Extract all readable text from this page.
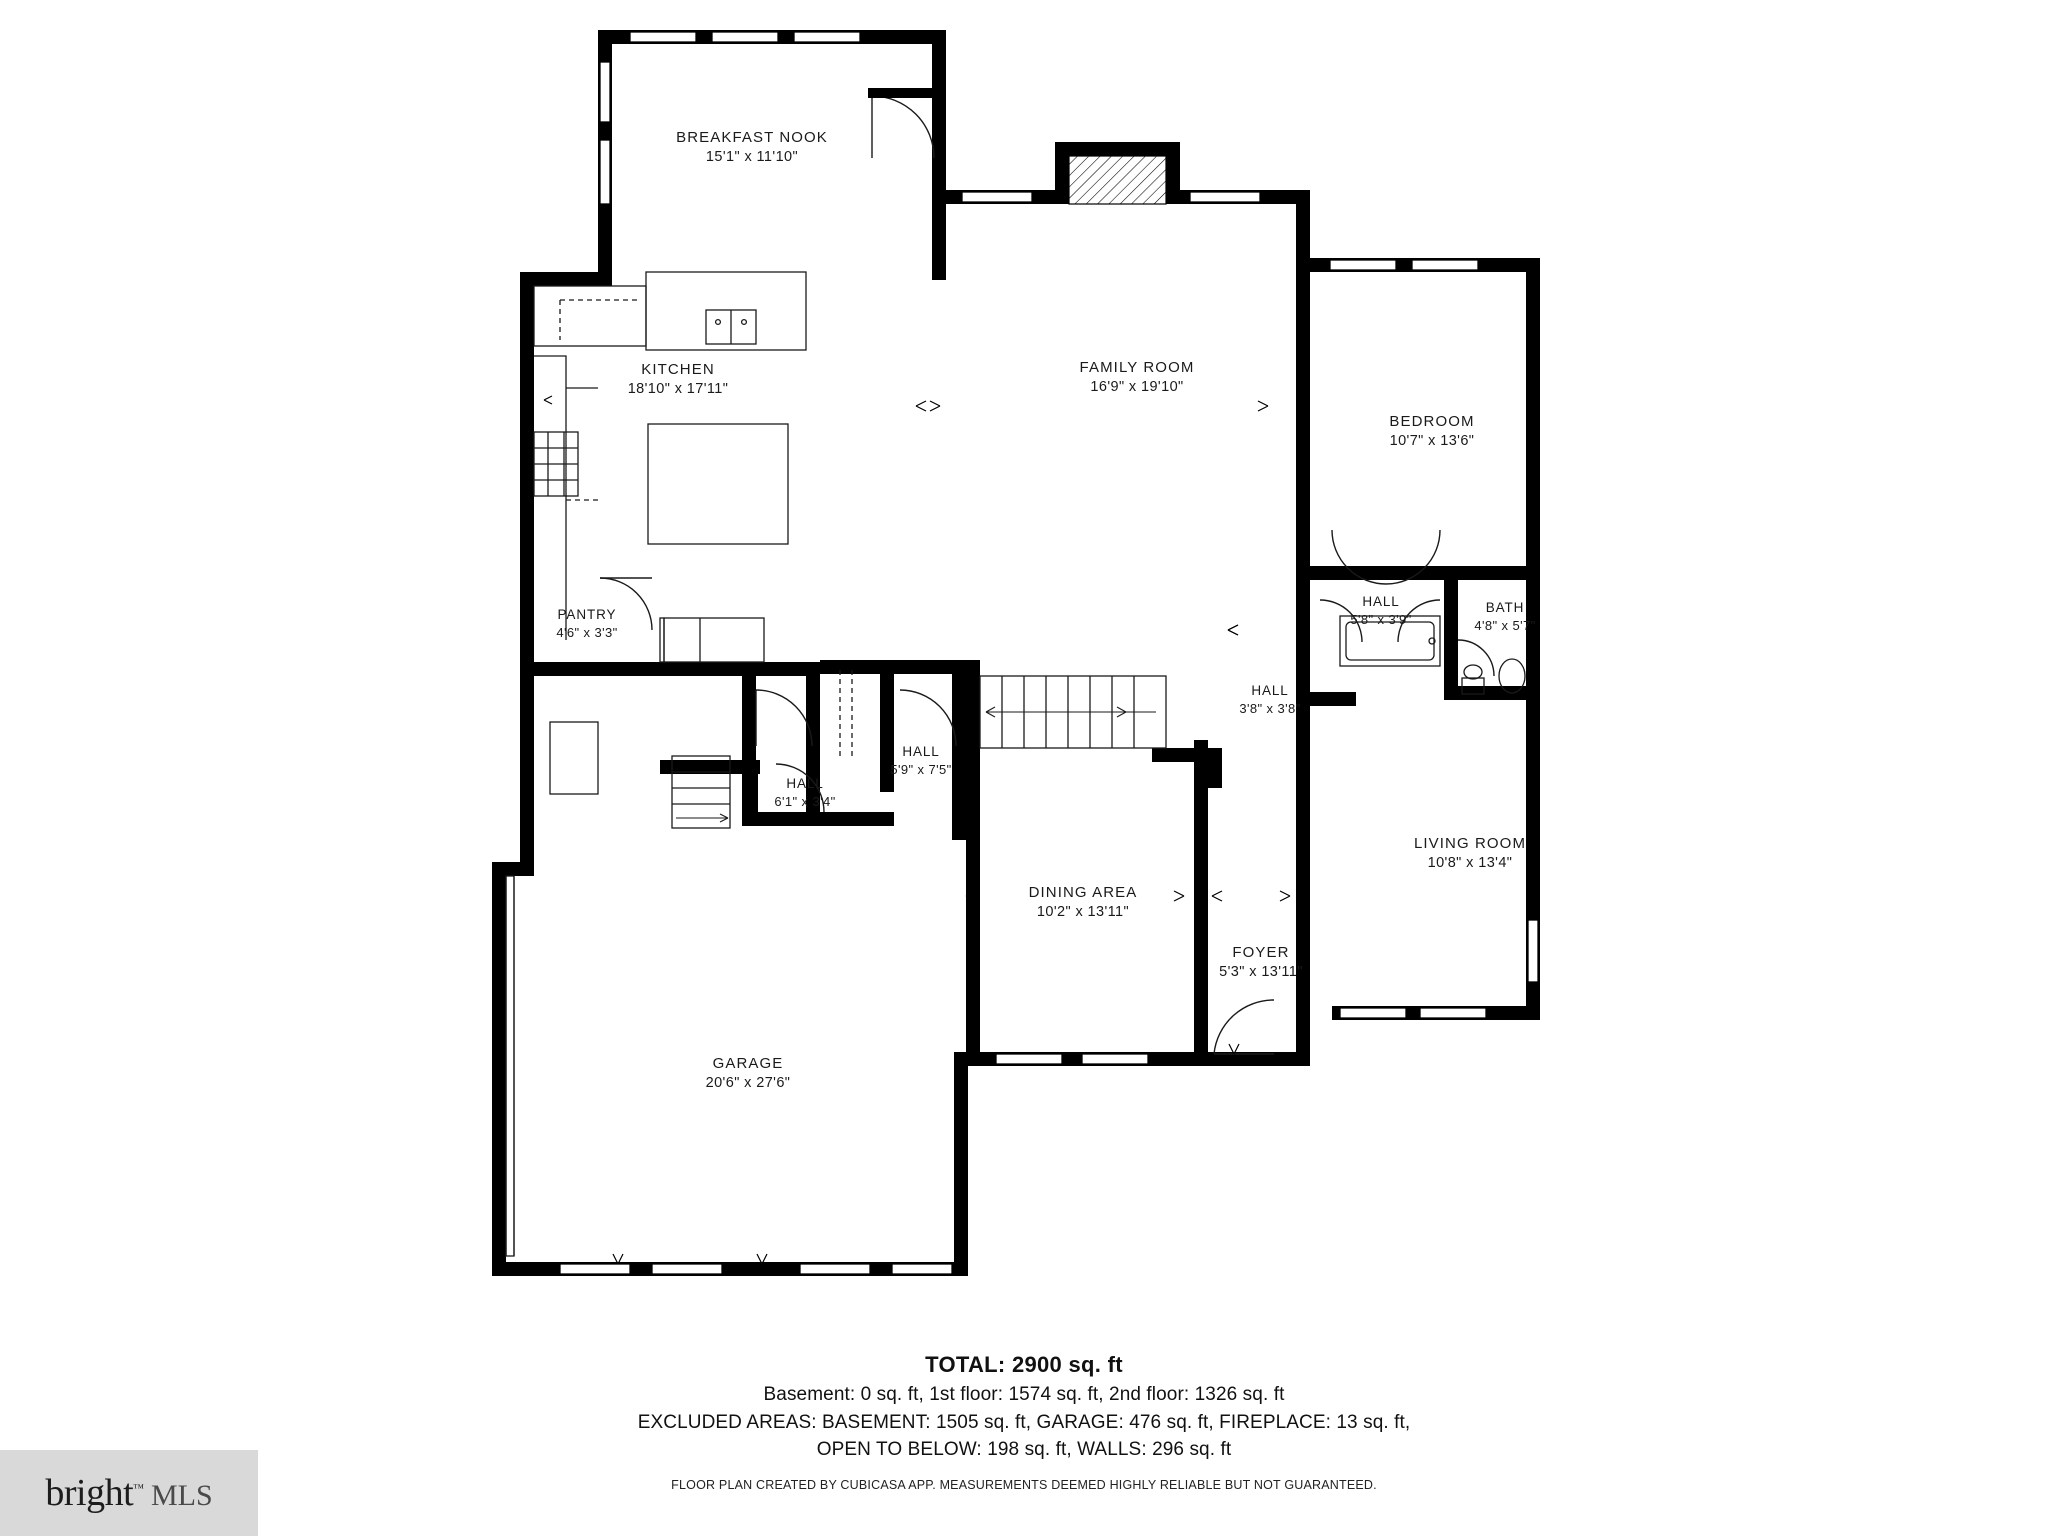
BREAKFAST NOOK
15'1" x 11'10"
KITCHEN
18'10" x 17'11"
FAMILY ROOM
16'9" x 19'10"
BEDROOM
10'7" x 13'6"
PANTRY
4'6" x 3'3"
HALL
5'8" x 3'9"
BATH
4'8" x 5'7"
HALL
3'8" x 3'8"
HALL
5'9" x 7'5"
HALL
6'1" x 3'4"
LIVING ROOM
10'8" x 13'4"
DINING AREA
10'2" x 13'11"
FOYER
5'3" x 13'11"
GARAGE
20'6" x 27'6"
TOTAL: 2900 sq. ft
Basement: 0 sq. ft, 1st floor: 1574 sq. ft, 2nd floor: 1326 sq. ft
EXCLUDED AREAS: BASEMENT: 1505 sq. ft, GARAGE: 476 sq. ft, FIREPLACE: 13 sq. ft,
OPEN TO BELOW: 198 sq. ft, WALLS: 296 sq. ft
FLOOR PLAN CREATED BY CUBICASA APP. MEASUREMENTS DEEMED HIGHLY RELIABLE BUT NOT GUARANTEED.
bright™ MLS
